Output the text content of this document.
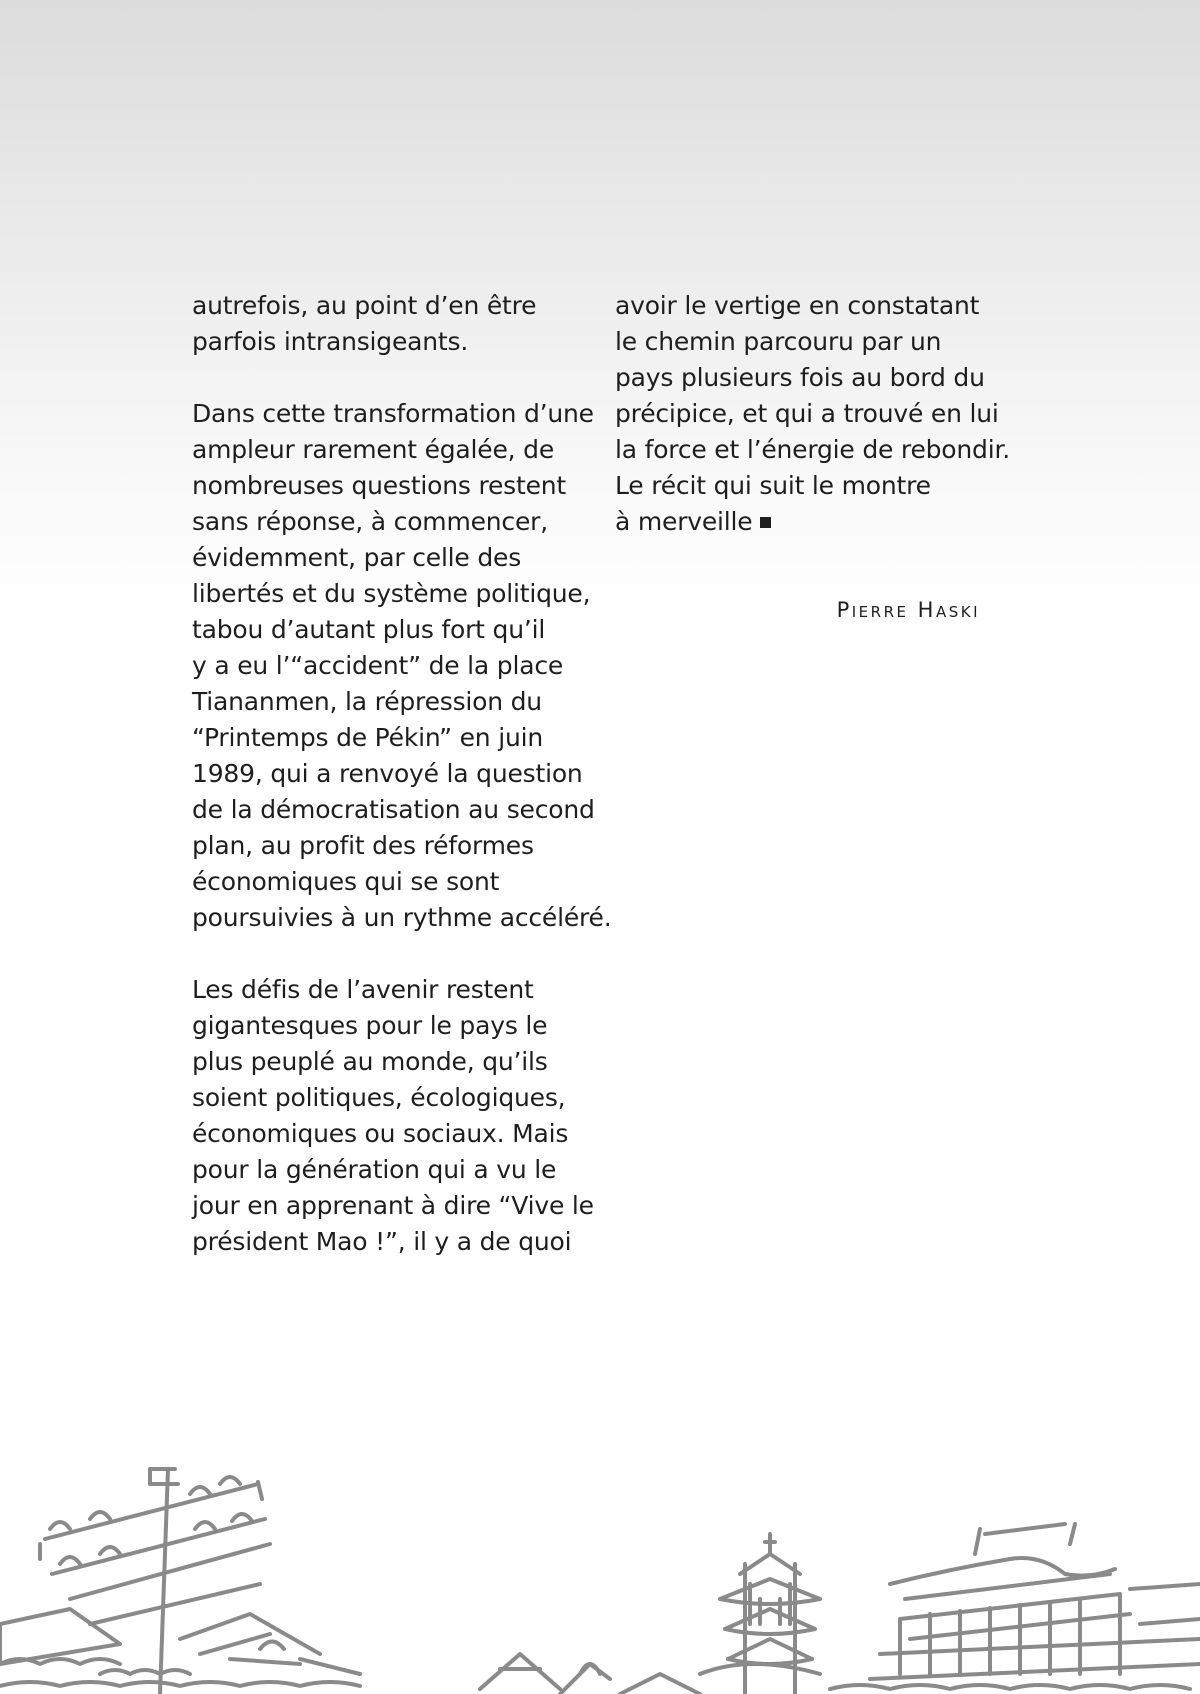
autrefois, au point d’en être
parfois intransigeants.

Dans cette transformation d’une
ampleur rarement égalée, de
nombreuses questions restent
sans réponse, à commencer,
évidemment, par celle des
libertés et du système politique,
tabou d’autant plus fort qu’il
y a eu l’“accident” de la place
Tiananmen, la répression du
“Printemps de Pékin” en juin
1989, qui a renvoyé la question
de la démocratisation au second
plan, au profit des réformes
économiques qui se sont
poursuivies à un rythme accéléré.

Les défis de l’avenir restent
gigantesques pour le pays le
plus peuplé au monde, qu’ils
soient politiques, écologiques,
économiques ou sociaux. Mais
pour la génération qui a vu le
jour en apprenant à dire “Vive le
président Mao !”, il y a de quoi

avoir le vertige en constatant
le chemin parcouru par un
pays plusieurs fois au bord du
précipice, et qui a trouvé en lui
la force et l’énergie de rebondir.
Le récit qui suit le montre
à merveille

Pierre Haski
